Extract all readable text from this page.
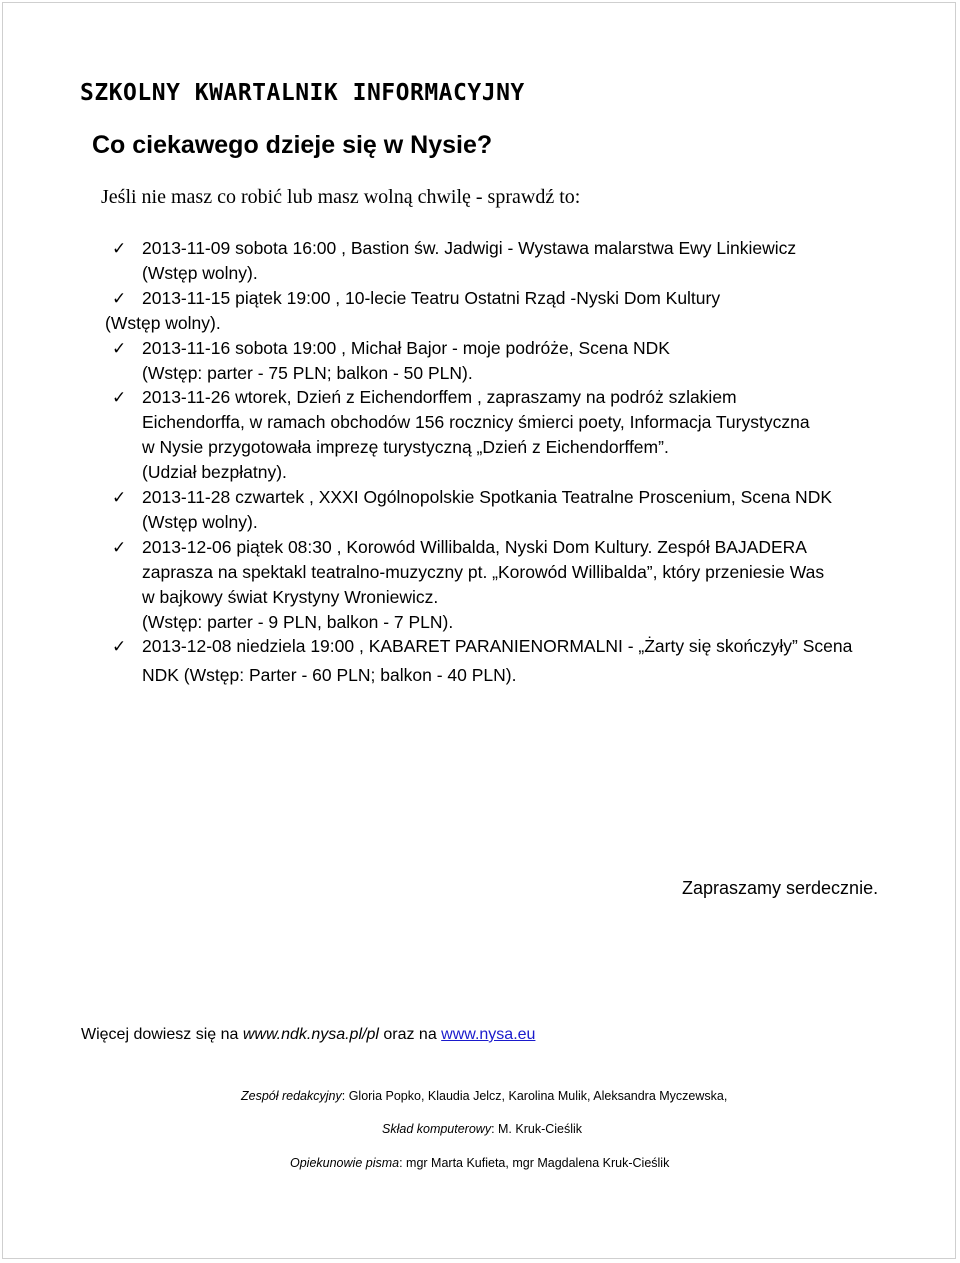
SZKOLNY KWARTALNIK INFORMACYJNY
Co ciekawego dzieje się w Nysie?
Jeśli nie masz co robić lub masz wolną chwilę - sprawdź to:
✓ 2013-11-09 sobota 16:00 , Bastion św. Jadwigi - Wystawa malarstwa Ewy Linkiewicz
(Wstęp wolny).
✓ 2013-11-15 piątek 19:00 , 10-lecie Teatru Ostatni Rząd -Nyski Dom Kultury
(Wstęp wolny).
✓ 2013-11-16 sobota 19:00 , Michał Bajor - moje podróże, Scena NDK
(Wstęp: parter - 75 PLN; balkon - 50 PLN).
✓ 2013-11-26 wtorek, Dzień z Eichendorffem , zapraszamy na podróż szlakiem
Eichendorffa, w ramach obchodów 156 rocznicy śmierci poety, Informacja Turystyczna
w Nysie przygotowała imprezę turystyczną „Dzień z Eichendorffem”.
(Udział bezpłatny).
✓ 2013-11-28 czwartek , XXXI Ogólnopolskie Spotkania Teatralne Proscenium, Scena NDK
(Wstęp wolny).
✓ 2013-12-06 piątek 08:30 , Korowód Willibalda, Nyski Dom Kultury. Zespół BAJADERA
zaprasza na spektakl teatralno-muzyczny pt. „Korowód Willibalda”, który przeniesie Was
w bajkowy świat Krystyny Wroniewicz.
(Wstęp: parter - 9 PLN, balkon - 7 PLN).
✓ 2013-12-08 niedziela 19:00 , KABARET PARANIENORMALNI - „Żarty się skończyły” Scena
NDK (Wstęp: Parter - 60 PLN; balkon - 40 PLN).
Zapraszamy serdecznie.
Więcej dowiesz się na www.ndk.nysa.pl/pl oraz na www.nysa.eu
Zespół redakcyjny: Gloria Popko, Klaudia Jelcz, Karolina Mulik, Aleksandra Myczewska,
Skład komputerowy: M. Kruk-Cieślik
Opiekunowie pisma: mgr Marta Kufieta, mgr Magdalena Kruk-Cieślik
